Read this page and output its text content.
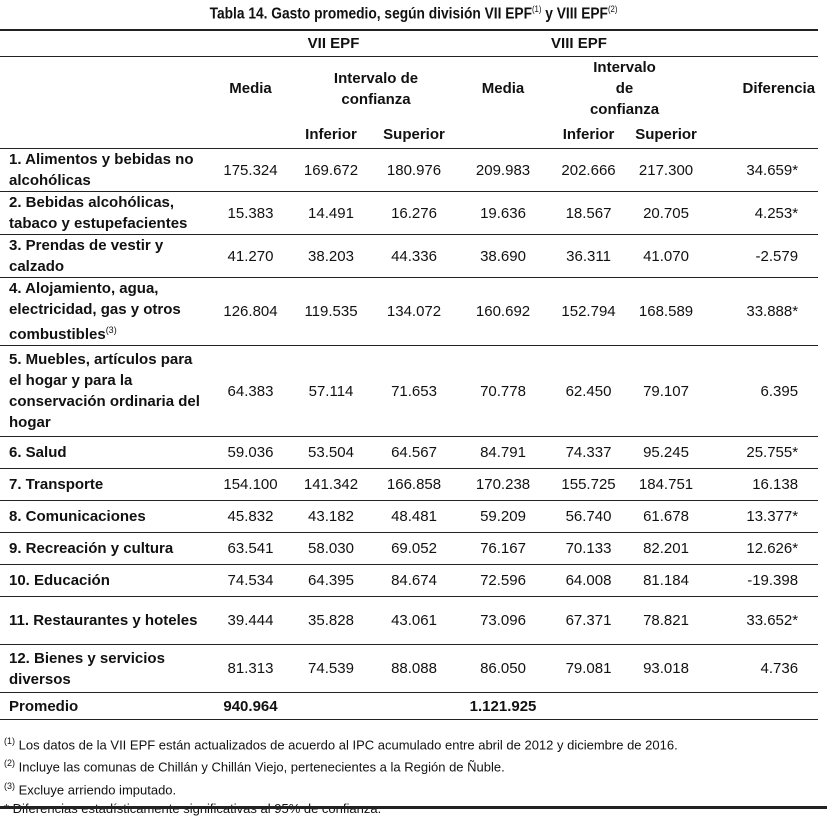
Tabla 14. Gasto promedio, según división VII EPF$^{(1)}$ y VIII EPF$^{(2)}$
	VII EPF			VIII EPF			
	Media	Intervalo de confianza		Media	Intervalo de confianza		Diferencia
		Inferior	Superior		Inferior	Superior	
1. Alimentos y bebidas no alcohólicas	175.324	169.672	180.976	209.983	202.666	217.300	34.659*
2. Bebidas alcohólicas, tabaco y estupefacientes	15.383	14.491	16.276	19.636	18.567	20.705	4.253*
3. Prendas de vestir y calzado	41.270	38.203	44.336	38.690	36.311	41.070	-2.579
4. Alojamiento, agua, electricidad, gas y otros combustibles$^{(3)}$	126.804	119.535	134.072	160.692	152.794	168.589	33.888*
5. Muebles, artículos para el hogar y para la conservación ordinaria del hogar	64.383	57.114	71.653	70.778	62.450	79.107	6.395
6. Salud	59.036	53.504	64.567	84.791	74.337	95.245	25.755*
7. Transporte	154.100	141.342	166.858	170.238	155.725	184.751	16.138
8. Comunicaciones	45.832	43.182	48.481	59.209	56.740	61.678	13.377*
9. Recreación y cultura	63.541	58.030	69.052	76.167	70.133	82.201	12.626*
10. Educación	74.534	64.395	84.674	72.596	64.008	81.184	-19.398
11. Restaurantes y hoteles	39.444	35.828	43.061	73.096	67.371	78.821	33.652*
12. Bienes y servicios diversos	81.313	74.539	88.088	86.050	79.081	93.018	4.736
Promedio	940.964			1.121.925			
$^{(1)}$ Los datos de la VII EPF están actualizados de acuerdo al IPC acumulado entre abril de 2012 y diciembre de 2016.
$^{(2)}$ Incluye las comunas de Chillán y Chillán Viejo, pertenecientes a la Región de Ñuble.
$^{(3)}$ Excluye arriendo imputado.
